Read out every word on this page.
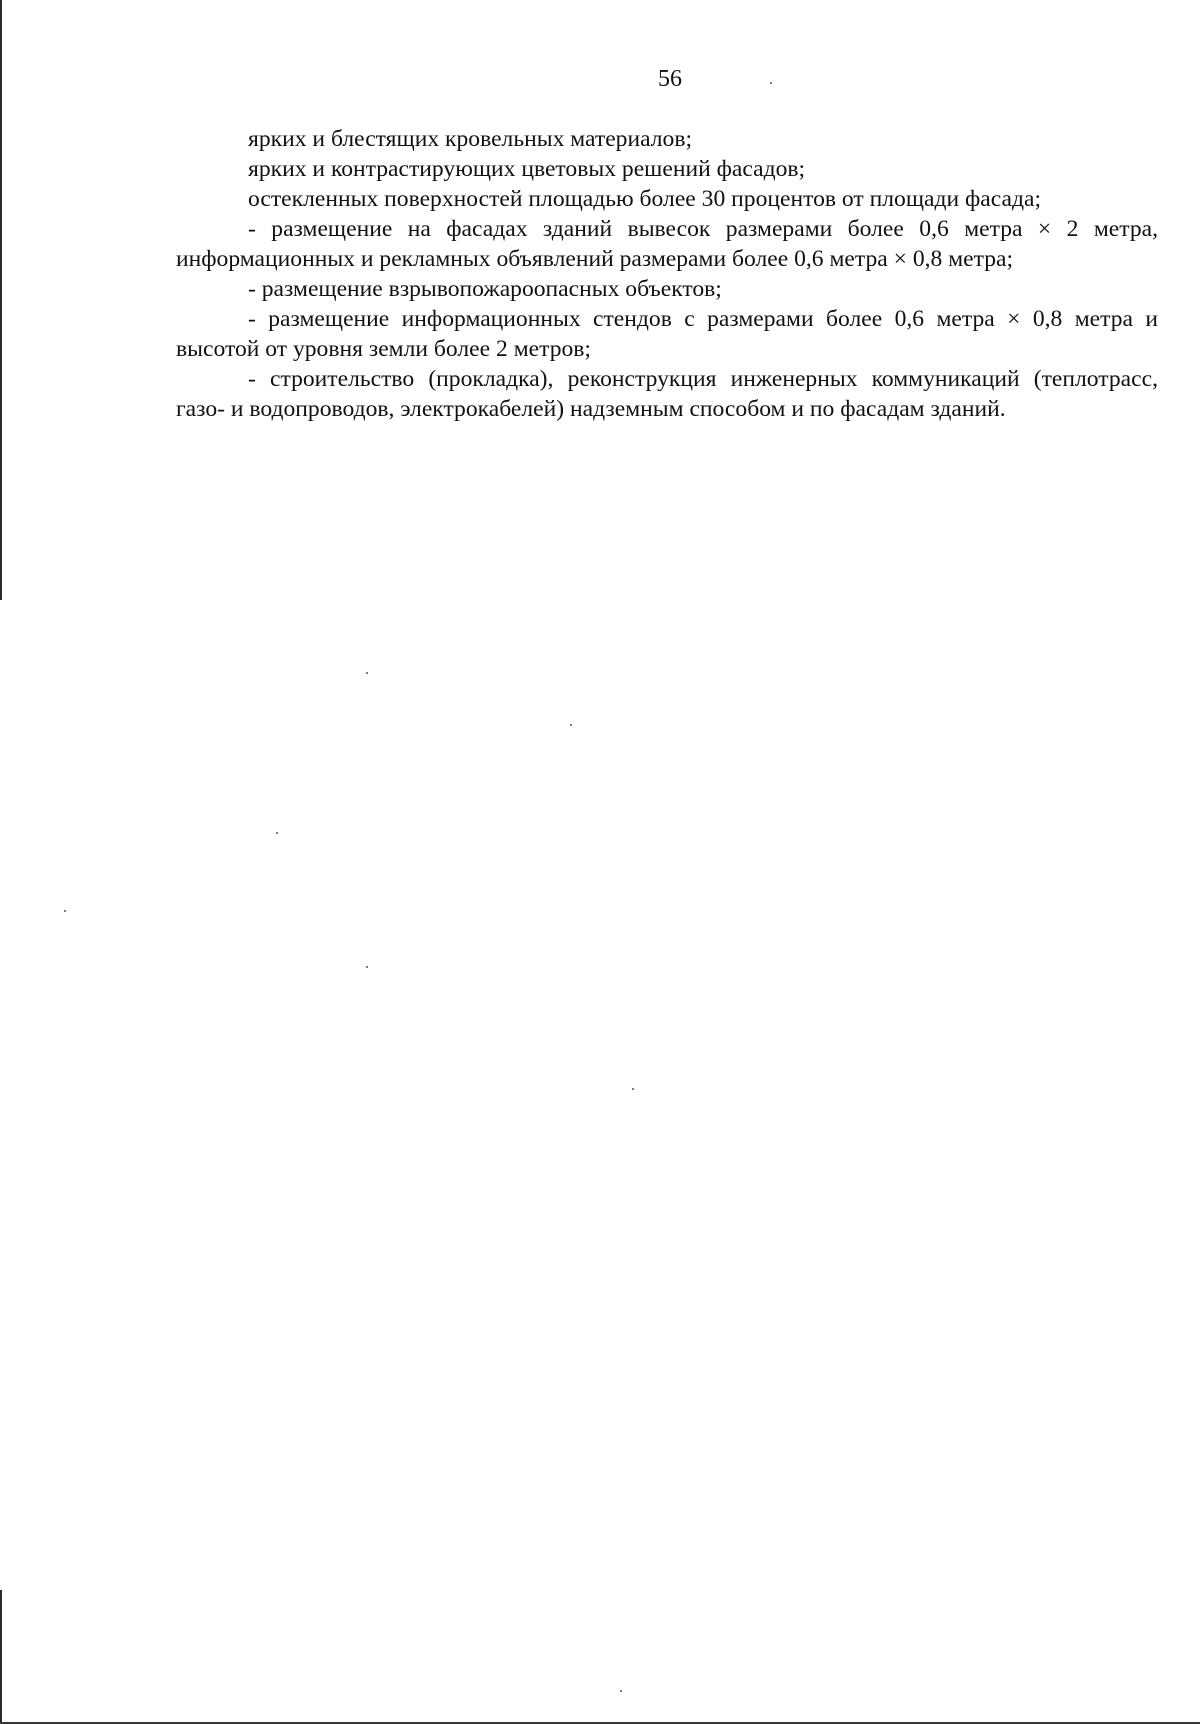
56

ярких и блестящих кровельных материалов;

ярких и контрастирующих цветовых решений фасадов;

остекленных поверхностей площадью более 30 процентов от площади фасада;

- размещение на фасадах зданий вывесок размерами более 0,6 метра × 2 метра, информационных и рекламных объявлений размерами более 0,6 метра × 0,8 метра;

- размещение взрывопожароопасных объектов;

- размещение информационных стендов с размерами более 0,6 метра × 0,8 метра и высотой от уровня земли более 2 метров;

- строительство (прокладка), реконструкция инженерных коммуникаций (теплотрасс, газо- и водопроводов, электрокабелей) надземным способом и по фасадам зданий.
